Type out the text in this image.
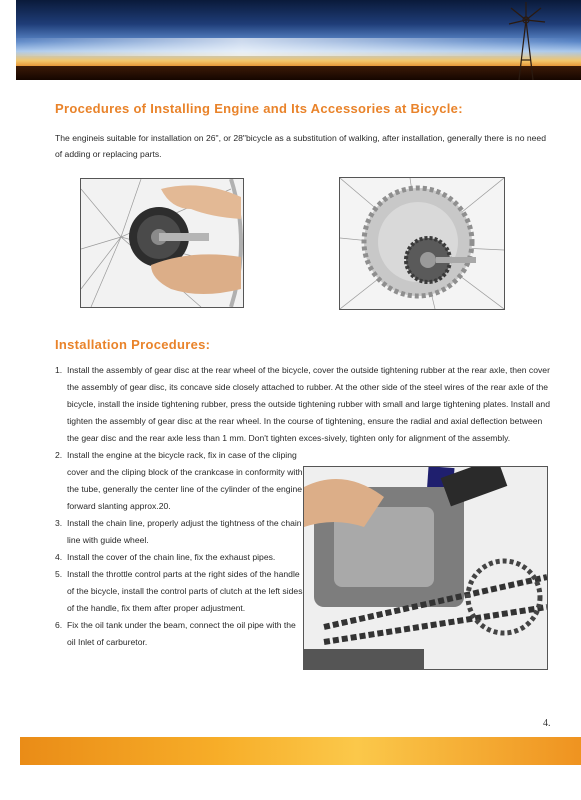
Procedures of Installing Engine and Its Accessories at Bicycle:

The engineis suitable for installation on 26", or 28"bicycle as a substitution of walking, after installation, generally there is no need of adding or replacing parts.

Installation Procedures:
1. Install the assembly of gear disc at the rear wheel of the bicycle, cover the outside tightening rubber at the rear axle, then cover the assembly of gear disc, its concave side closely attached to rubber. At the other side of the steel wires of the rear axle of the bicycle, install the inside tightening rubber, press the outside tightening rubber with small and large tightening plates. Install and tighten the assembly of gear disc at the rear wheel. In the course of tightening, ensure the radial and axial deflection between the gear disc and the rear axle less than 1 mm. Don't tighten exces-sively, tighten only for alignment of the assembly.
2. Install the engine at the bicycle rack, fix in case of the cliping cover and the cliping block of the crankcase in conformity with the tube, generally the center line of the cylinder of the engine forward slanting approx.20.
3. Install the chain line, properly adjust the tightness of the chain line with guide wheel.
4. Install the cover of the chain line, fix the exhaust pipes.
5. Install the throttle control parts at the right sides of the handle of the bicycle, install the control parts of clutch at the left sides of the handle, fix them after proper adjustment.
6. Fix the oil tank under the beam, connect the oil pipe with the oil Inlet of carburetor.
4.
